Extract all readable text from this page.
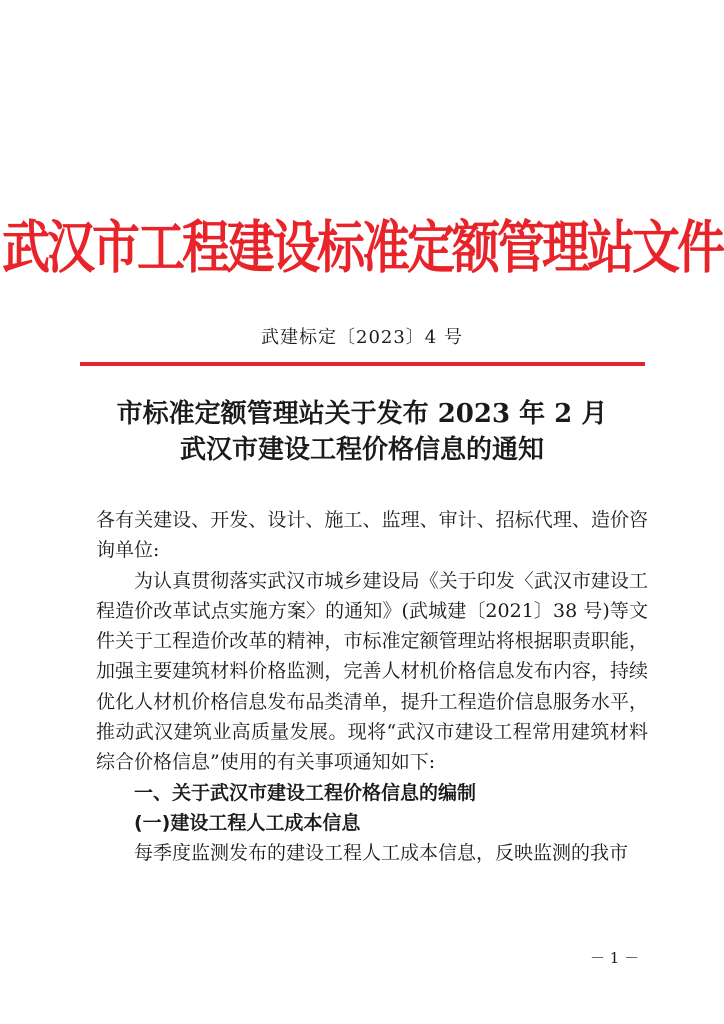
武汉市工程建设标准定额管理站文件
武建标定〔2023〕4 号
市标准定额管理站关于发布 2023 年 2 月
武汉市建设工程价格信息的通知

各有关建设、开发、设计、施工、监理、审计、招标代理、造价咨询单位:

为认真贯彻落实武汉市城乡建设局《关于印发〈武汉市建设工程造价改革试点实施方案〉的通知》(武城建〔2021〕38 号)等文件关于工程造价改革的精神，市标准定额管理站将根据职责职能，加强主要建筑材料价格监测，完善人材机价格信息发布内容，持续优化人材机价格信息发布品类清单，提升工程造价信息服务水平，推动武汉建筑业高质量发展。现将“武汉市建设工程常用建筑材料综合价格信息”使用的有关事项通知如下:

一、关于武汉市建设工程价格信息的编制

(一)建设工程人工成本信息

每季度监测发布的建设工程人工成本信息，反映监测的我市

－ 1 －
